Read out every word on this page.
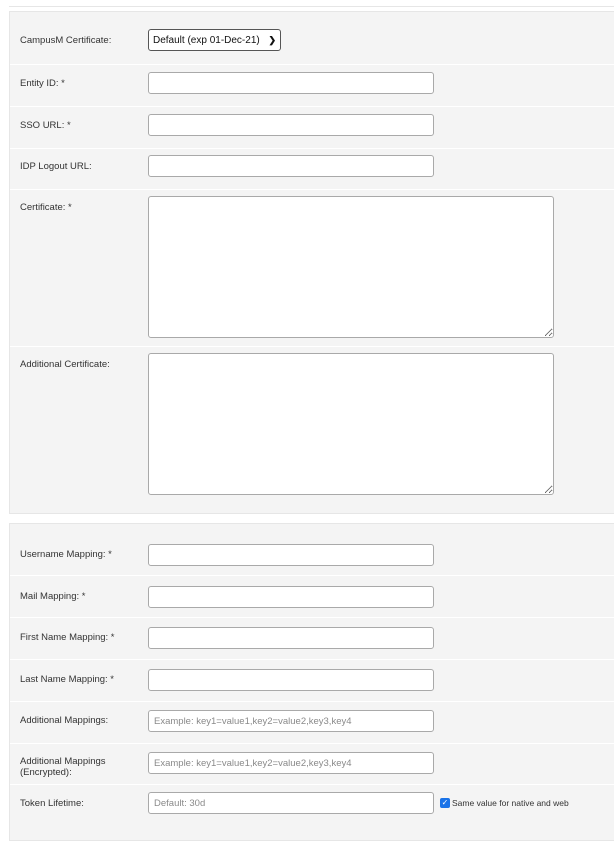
CampusM Certificate:	Default (exp 01-Dec-21) ❯
Entity ID: *
SSO URL: *
IDP Logout URL:
Certificate: *
Additional Certificate:
Username Mapping: *
Mail Mapping: *
First Name Mapping: *
Last Name Mapping: *
Additional Mappings:
Example: key1=value1,key2=value2,key3,key4
Additional Mappings (Encrypted):
Example: key1=value1,key2=value2,key3,key4
Token Lifetime:
Default: 30d	✓ Same value for native and web
